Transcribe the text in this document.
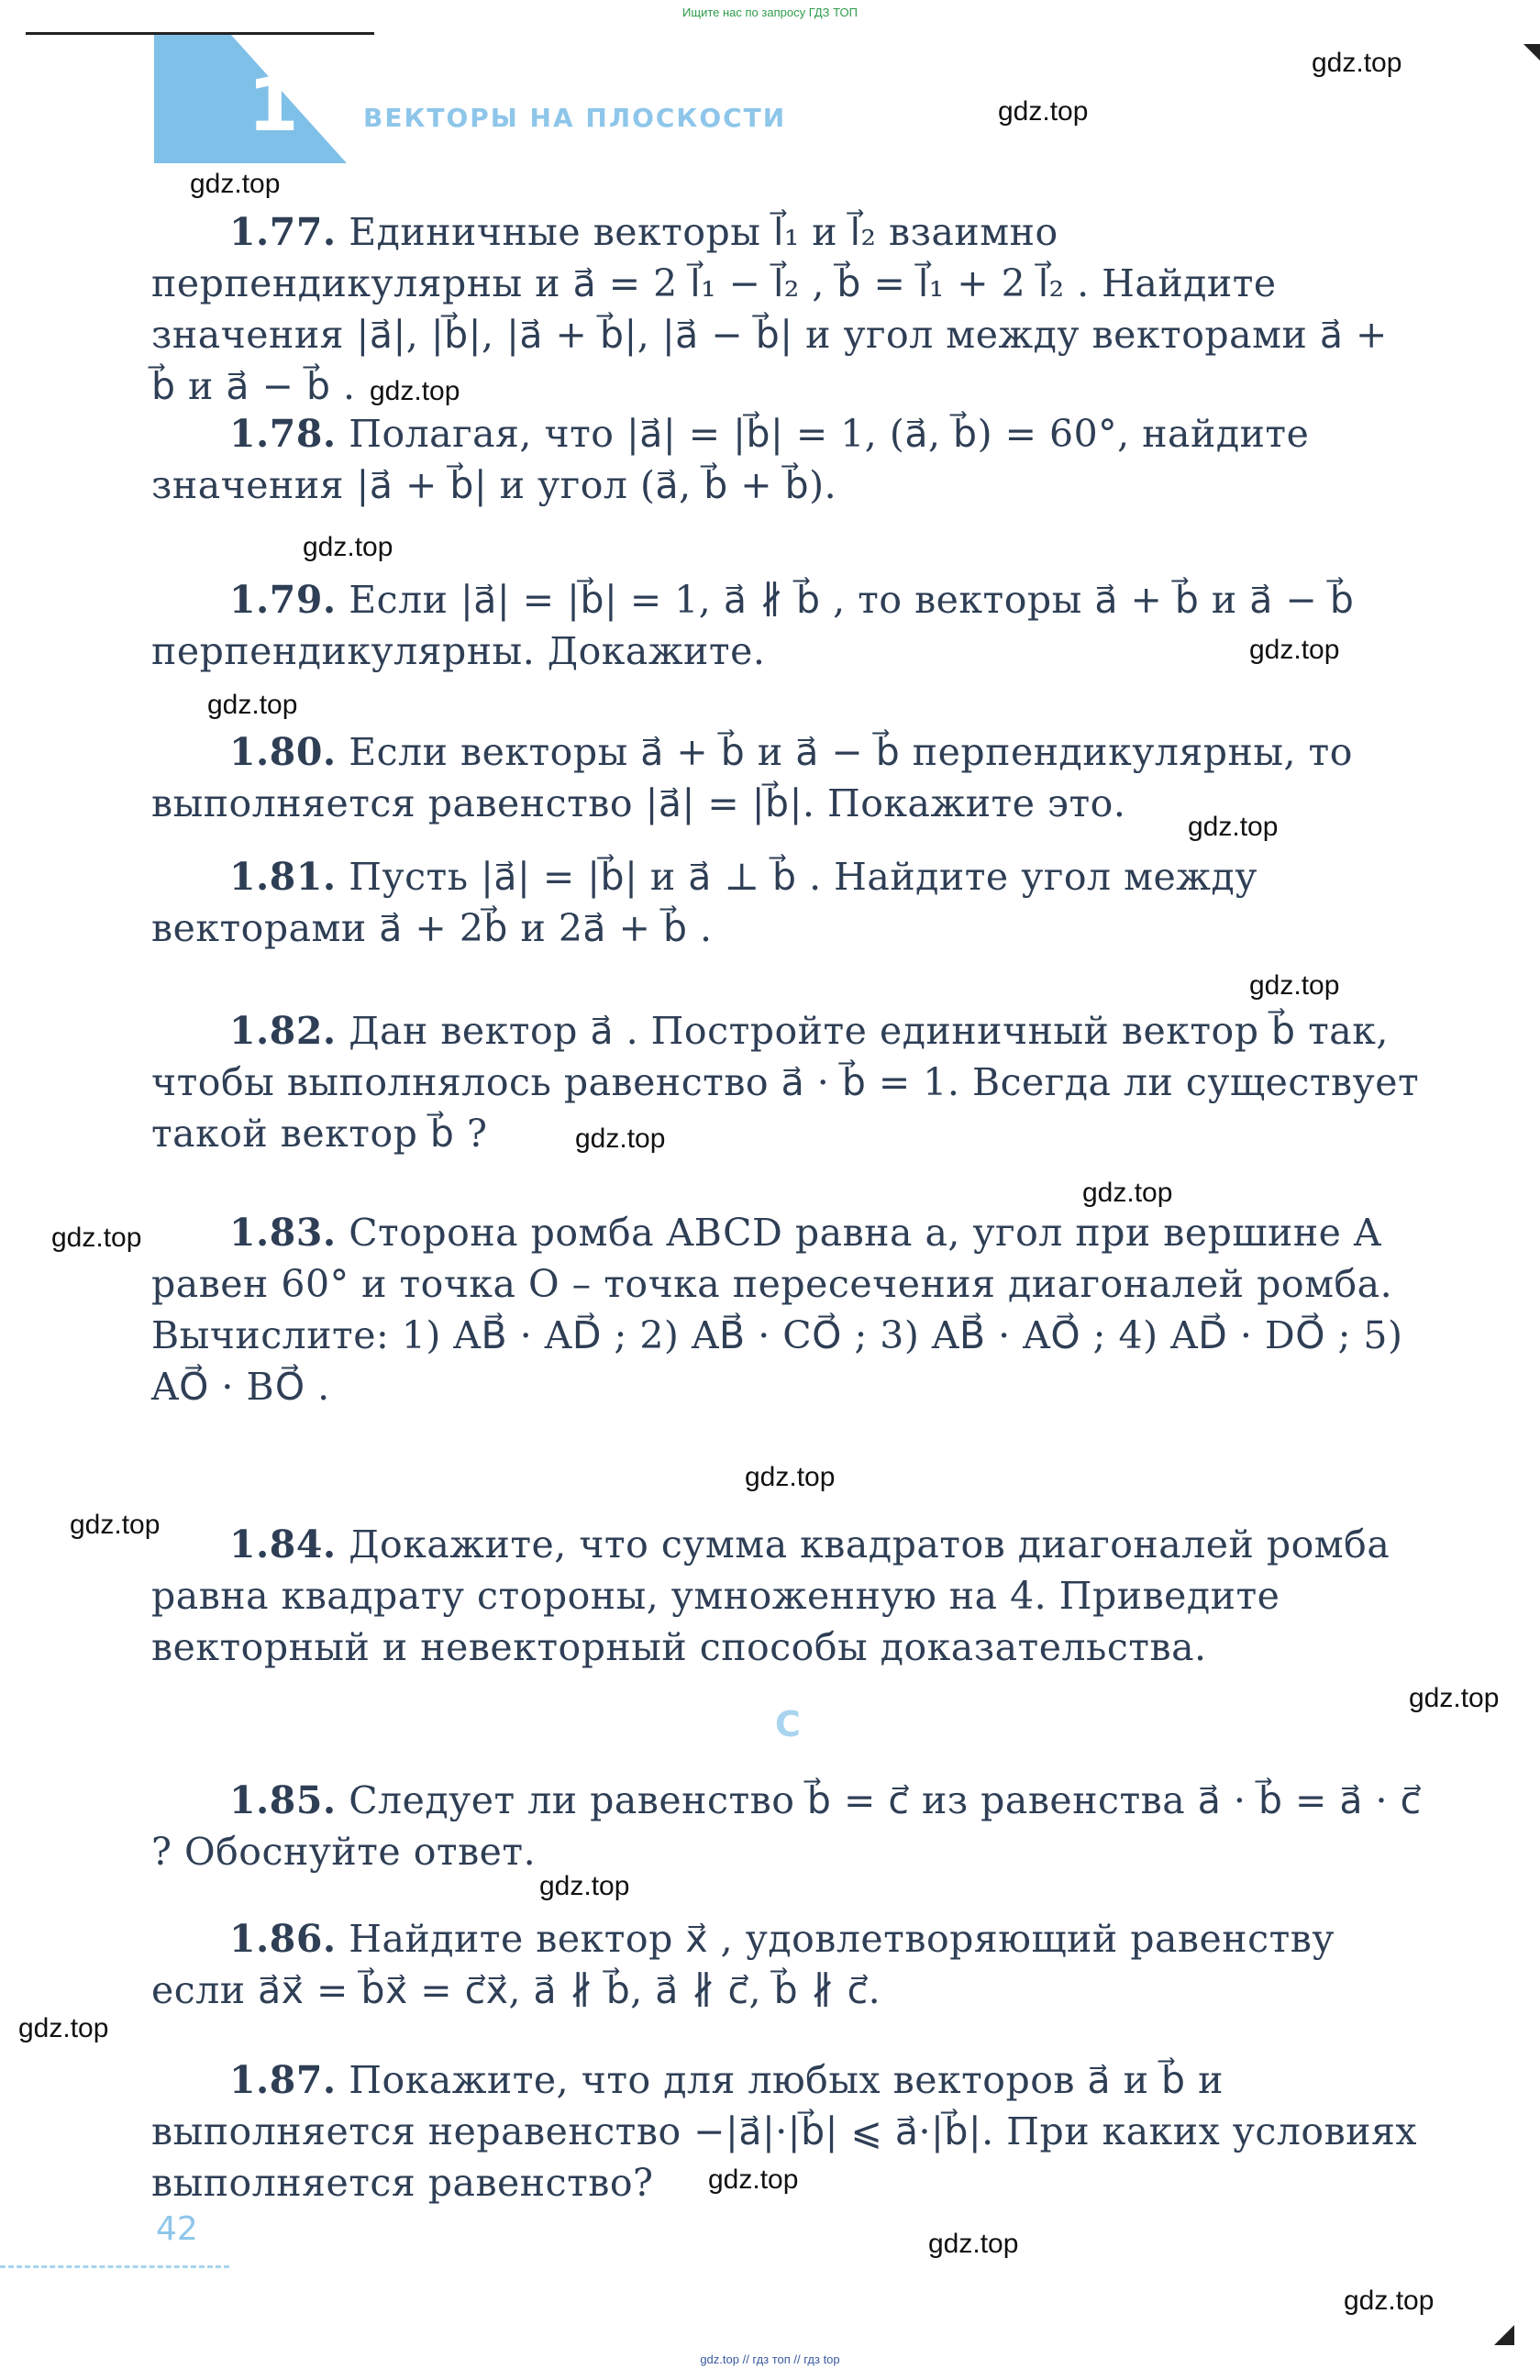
Ищите нас по запросу ГДЗ ТОП
1	ВЕКТОРЫ НА ПЛОСКОСТИ
gdz.top
gdz.top
gdz.top
gdz.top
gdz.top
gdz.top
gdz.top
gdz.top
gdz.top
gdz.top
gdz.top
gdz.top
gdz.top
gdz.top
gdz.top
gdz.top
gdz.top
gdz.top
gdz.top
gdz.top
1.77. Единичные векторы l⃗₁ и l⃗₂ взаимно перпендикулярны и a⃗ = 2 l⃗₁ − l⃗₂ , b⃗ = l⃗₁ + 2 l⃗₂ . Найдите значения |a⃗|, |b⃗|, |a⃗ + b⃗|, |a⃗ − b⃗| и угол между векторами a⃗ + b⃗ и a⃗ − b⃗ .
1.78. Полагая, что |a⃗| = |b⃗| = 1, (a⃗, b⃗) = 60°, найдите значения |a⃗ + b⃗| и угол (a⃗, b⃗ + b⃗).
1.79. Если |a⃗| = |b⃗| = 1, a⃗ ∦ b⃗ , то векторы a⃗ + b⃗ и a⃗ − b⃗ перпендикулярны. Докажите.
1.80. Если векторы a⃗ + b⃗ и a⃗ − b⃗ перпендикулярны, то выполняется равенство |a⃗| = |b⃗|. Покажите это.
1.81. Пусть |a⃗| = |b⃗| и a⃗ ⊥ b⃗ . Найдите угол между векторами a⃗ + 2b⃗ и 2a⃗ + b⃗ .
1.82. Дан вектор a⃗ . Постройте единичный вектор b⃗ так, чтобы выполнялось равенство a⃗ · b⃗ = 1. Всегда ли существует такой вектор b⃗ ?
1.83. Сторона ромба ABCD равна a, угол при вершине A равен 60° и точка O – точка пересечения диагоналей ромба. Вычислите: 1) AB⃗ · AD⃗ ; 2) AB⃗ · CO⃗ ; 3) AB⃗ · AO⃗ ; 4) AD⃗ · DO⃗ ; 5) AO⃗ · BO⃗ .
1.84. Докажите, что сумма квадратов диагоналей ромба равна квадрату стороны, умноженную на 4. Приведите векторный и невекторный способы доказательства.
С
1.85. Следует ли равенство b⃗ = c⃗ из равенства a⃗ · b⃗ = a⃗ · c⃗ ? Обоснуйте ответ.
1.86. Найдите вектор x⃗ , удовлетворяющий равенству если a⃗x⃗ = b⃗x⃗ = c⃗x⃗, a⃗ ∦ b⃗, a⃗ ∦ c⃗, b⃗ ∦ c⃗.
1.87. Покажите, что для любых векторов a⃗ и b⃗ и выполняется неравенство −|a⃗|·|b⃗| ⩽ a⃗·|b⃗|. При каких условиях выполняется равенство?
42
gdz.top // гдз топ // гдз top
